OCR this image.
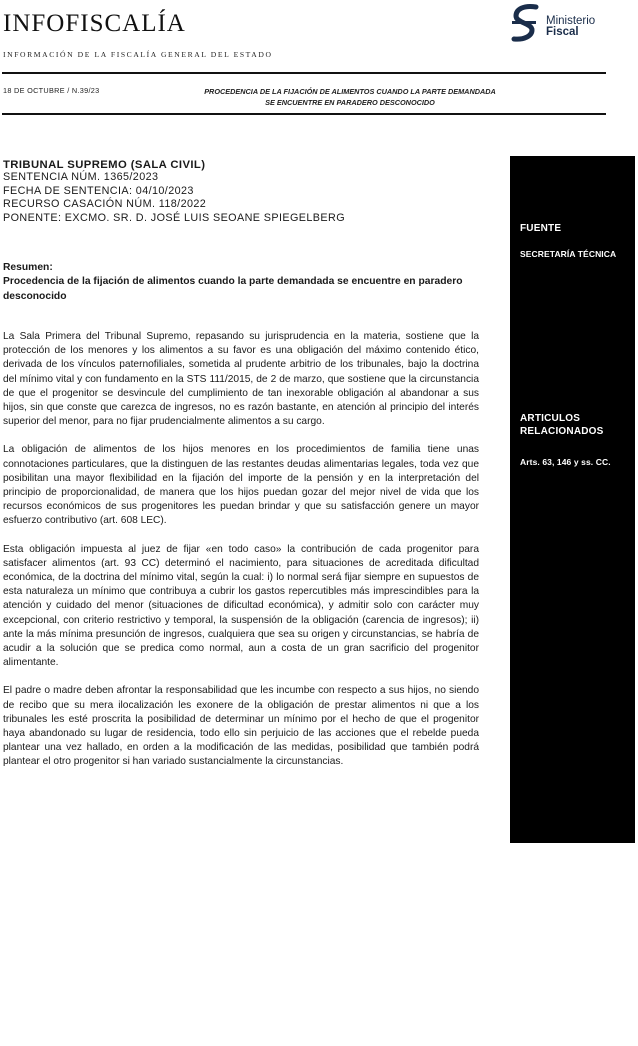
INFOFISCALÍA
INFORMACIÓN DE LA FISCALÍA GENERAL DEL ESTADO
Ministerio
Fiscal
18 DE OCTUBRE / N.39/23	PROCEDENCIA DE LA FIJACIÓN DE ALIMENTOS CUANDO LA PARTE DEMANDADA
SE ENCUENTRE EN PARADERO DESCONOCIDO
TRIBUNAL SUPREMO (SALA CIVIL)
SENTENCIA NÚM. 1365/2023
FECHA DE SENTENCIA: 04/10/2023
RECURSO CASACIÓN NÚM. 118/2022
PONENTE: EXCMO. SR. D. JOSÉ LUIS SEOANE SPIEGELBERG
Resumen:
Procedencia de la fijación de alimentos cuando la parte demandada se encuentre en paradero desconocido

La Sala Primera del Tribunal Supremo, repasando su jurisprudencia en la materia, sostiene que la protección de los menores y los alimentos a su favor es una obligación del máximo contenido ético, derivada de los vínculos paternofiliales, sometida al prudente arbitrio de los tribunales, bajo la doctrina del mínimo vital y con fundamento en la STS 111/2015, de 2 de marzo, que sostiene que la circunstancia de que el progenitor se desvincule del cumplimiento de tan inexorable obligación al abandonar a sus hijos, sin que conste que carezca de ingresos, no es razón bastante, en atención al principio del interés superior del menor, para no fijar prudencialmente alimentos a su cargo.

La obligación de alimentos de los hijos menores en los procedimientos de familia tiene unas connotaciones particulares, que la distinguen de las restantes deudas alimentarias legales, toda vez que posibilitan una mayor flexibilidad en la fijación del importe de la pensión y en la interpretación del principio de proporcionalidad, de manera que los hijos puedan gozar del mejor nivel de vida que los recursos económicos de sus progenitores les puedan brindar y que su satisfacción genere un mayor esfuerzo contributivo (art. 608 LEC).

Esta obligación impuesta al juez de fijar «en todo caso» la contribución de cada progenitor para satisfacer alimentos (art. 93 CC) determinó el nacimiento, para situaciones de acreditada dificultad económica, de la doctrina del mínimo vital, según la cual: i) lo normal será fijar siempre en supuestos de esta naturaleza un mínimo que contribuya a cubrir los gastos repercutibles más imprescindibles para la atención y cuidado del menor (situaciones de dificultad económica), y admitir solo con carácter muy excepcional, con criterio restrictivo y temporal, la suspensión de la obligación (carencia de ingresos); ii) ante la más mínima presunción de ingresos, cualquiera que sea su origen y circunstancias, se habría de acudir a la solución que se predica como normal, aun a costa de un gran sacrificio del progenitor alimentante.

El padre o madre deben afrontar la responsabilidad que les incumbe con respecto a sus hijos, no siendo de recibo que su mera ilocalización les exonere de la obligación de prestar alimentos ni que a los tribunales les esté proscrita la posibilidad de determinar un mínimo por el hecho de que el progenitor haya abandonado su lugar de residencia, todo ello sin perjuicio de las acciones que el rebelde pueda plantear una vez hallado, en orden a la modificación de las medidas, posibilidad que también podrá plantear el otro progenitor si han variado sustancialmente la circunstancias.

FUENTE
SECRETARÍA TÉCNICA
ARTICULOS
RELACIONADOS
Arts. 63, 146 y ss. CC.
